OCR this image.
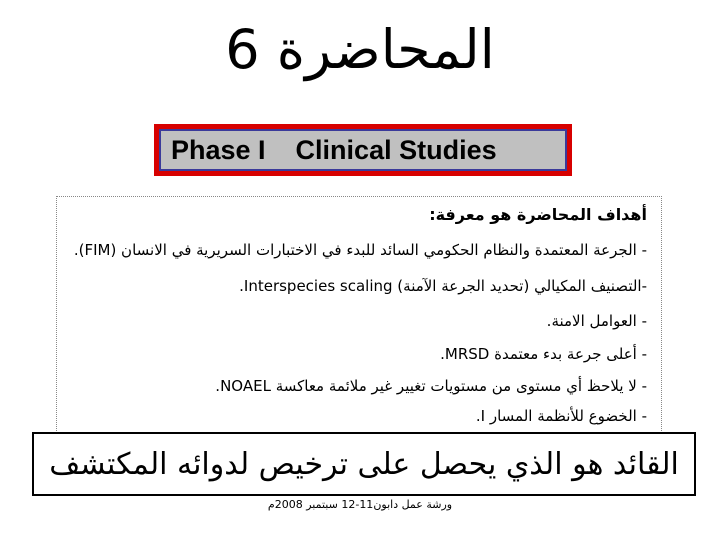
المحاضرة 6
Phase I    Clinical Studies
أهداف المحاضرة هو معرفة:
- الجرعة المعتمدة والنظام الحكومي السائد للبدء في الاختبارات السريرية في الانسان (FIM).
-التصنيف المكيالي (تحديد الجرعة الآمنة) Interspecies scaling.
- العوامل الامنة.
- أعلى جرعة بدء معتمدة MRSD.
- لا يلاحظ أي مستوى من مستويات تغيير غير ملائمة معاكسة NOAEL.
- الخضوع للأنظمة المسار I.
القائد هو الذي يحصل على ترخيص لدوائه المكتشف
ورشة عمل دابون11-12 سبتمبر 2008م
